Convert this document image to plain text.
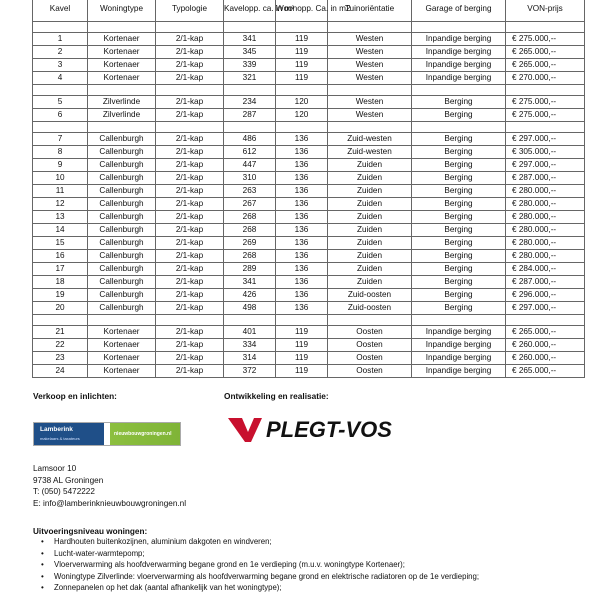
Kavel	Woningtype	Typologie	Kavelopp. ca. in m²	Woonopp. Ca. in m2	Tuinoriëntatie	Garage of berging	VON-prijs

1	Kortenaer	2/1-kap	341	119	Westen	Inpandige berging	€ 275.000,--
2	Kortenaer	2/1-kap	345	119	Westen	Inpandige berging	€ 265.000,--
3	Kortenaer	2/1-kap	339	119	Westen	Inpandige berging	€ 265.000,--
4	Kortenaer	2/1-kap	321	119	Westen	Inpandige berging	€ 270.000,--

5	Zilverlinde	2/1-kap	234	120	Westen	Berging	€ 275.000,--
6	Zilverlinde	2/1-kap	287	120	Westen	Berging	€ 275.000,--

7	Callenburgh	2/1-kap	486	136	Zuid-westen	Berging	€ 297.000,--
8	Callenburgh	2/1-kap	612	136	Zuid-westen	Berging	€ 305.000,--
9	Callenburgh	2/1-kap	447	136	Zuiden	Berging	€ 297.000,--
10	Callenburgh	2/1-kap	310	136	Zuiden	Berging	€ 287.000,--
11	Callenburgh	2/1-kap	263	136	Zuiden	Berging	€ 280.000,--
12	Callenburgh	2/1-kap	267	136	Zuiden	Berging	€ 280.000,--
13	Callenburgh	2/1-kap	268	136	Zuiden	Berging	€ 280.000,--
14	Callenburgh	2/1-kap	268	136	Zuiden	Berging	€ 280.000,--
15	Callenburgh	2/1-kap	269	136	Zuiden	Berging	€ 280.000,--
16	Callenburgh	2/1-kap	268	136	Zuiden	Berging	€ 280.000,--
17	Callenburgh	2/1-kap	289	136	Zuiden	Berging	€ 284.000,--
18	Callenburgh	2/1-kap	341	136	Zuiden	Berging	€ 287.000,--
19	Callenburgh	2/1-kap	426	136	Zuid-oosten	Berging	€ 296.000,--
20	Callenburgh	2/1-kap	498	136	Zuid-oosten	Berging	€ 297.000,--

21	Kortenaer	2/1-kap	401	119	Oosten	Inpandige berging	€ 265.000,--
22	Kortenaer	2/1-kap	334	119	Oosten	Inpandige berging	€ 260.000,--
23	Kortenaer	2/1-kap	314	119	Oosten	Inpandige berging	€ 260.000,--
24	Kortenaer	2/1-kap	372	119	Oosten	Inpandige berging	€ 265.000,--
Verkoop en inlichten:	Ontwikkeling en realisatie:
Lamberink
makelaars & taxateurs
nieuwbouwgroningen.nl	PLEGT-VOS
Lamsoor 10
9738 AL Groningen
T: (050) 5472222
E: info@lamberinknieuwbouwgroningen.nl
Uitvoeringsniveau woningen:
• Hardhouten buitenkozijnen, aluminium dakgoten en windveren;
• Lucht-water-warmtepomp;
• Vloerverwarming als hoofdverwarming begane grond en 1e verdieping (m.u.v. woningtype Kortenaer);
• Woningtype Zilverlinde: vloerverwarming als hoofdverwarming begane grond en elektrische radiatoren op de 1e verdieping;
• Zonnepanelen op het dak (aantal afhankelijk van het woningtype);
